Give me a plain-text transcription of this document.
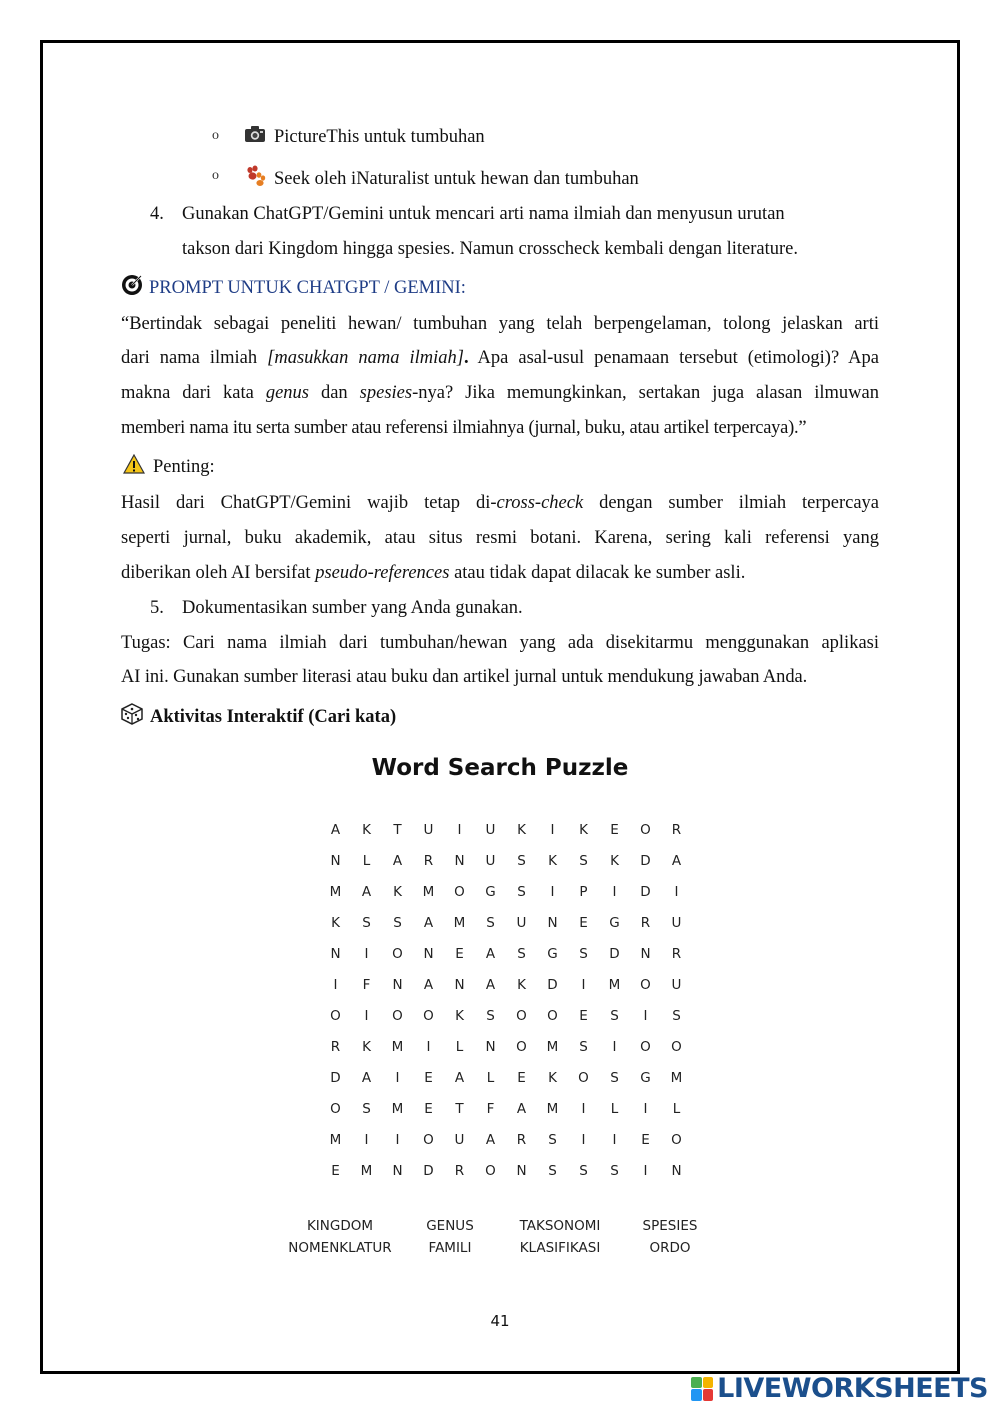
o	PictureThis untuk tumbuhan
o	Seek oleh iNaturalist untuk hewan dan tumbuhan
4. Gunakan ChatGPT/Gemini untuk mencari arti nama ilmiah dan menyusun urutan
takson dari Kingdom hingga spesies. Namun crosscheck kembali dengan literature.
PROMPT UNTUK CHATGPT / GEMINI:
“Bertindak sebagai peneliti hewan/ tumbuhan yang telah berpengelaman, tolong jelaskan arti
dari nama ilmiah [masukkan nama ilmiah]. Apa asal-usul penamaan tersebut (etimologi)? Apa
makna dari kata genus dan spesies-nya? Jika memungkinkan, sertakan juga alasan ilmuwan
memberi nama itu serta sumber atau referensi ilmiahnya (jurnal, buku, atau artikel terpercaya).”
Penting:
Hasil dari ChatGPT/Gemini wajib tetap di-cross-check dengan sumber ilmiah terpercaya
seperti jurnal, buku akademik, atau situs resmi botani. Karena, sering kali referensi yang
diberikan oleh AI bersifat pseudo-references atau tidak dapat dilacak ke sumber asli.
5. Dokumentasikan sumber yang Anda gunakan.
Tugas: Cari nama ilmiah dari tumbuhan/hewan yang ada disekitarmu menggunakan aplikasi
AI ini. Gunakan sumber literasi atau buku dan artikel jurnal untuk mendukung jawaban Anda.
Aktivitas Interaktif (Cari kata)
Word Search Puzzle
A	K	T	U	I	U	K	I	K	E	O	R
N	L	A	R	N	U	S	K	S	K	D	A
M	A	K	M	O	G	S	I	P	I	D	I
K	S	S	A	M	S	U	N	E	G	R	U
N	I	O	N	E	A	S	G	S	D	N	R
I	F	N	A	N	A	K	D	I	M	O	U
O	I	O	O	K	S	O	O	E	S	I	S
R	K	M	I	L	N	O	M	S	I	O	O
D	A	I	E	A	L	E	K	O	S	G	M
O	S	M	E	T	F	A	M	I	L	I	L
M	I	I	O	U	A	R	S	I	I	E	O
E	M	N	D	R	O	N	S	S	S	I	N
KINGDOM	GENUS	TAKSONOMI	SPESIES
NOMENKLATUR	FAMILI	KLASIFIKASI	ORDO
41
LIVEWORKSHEETS
